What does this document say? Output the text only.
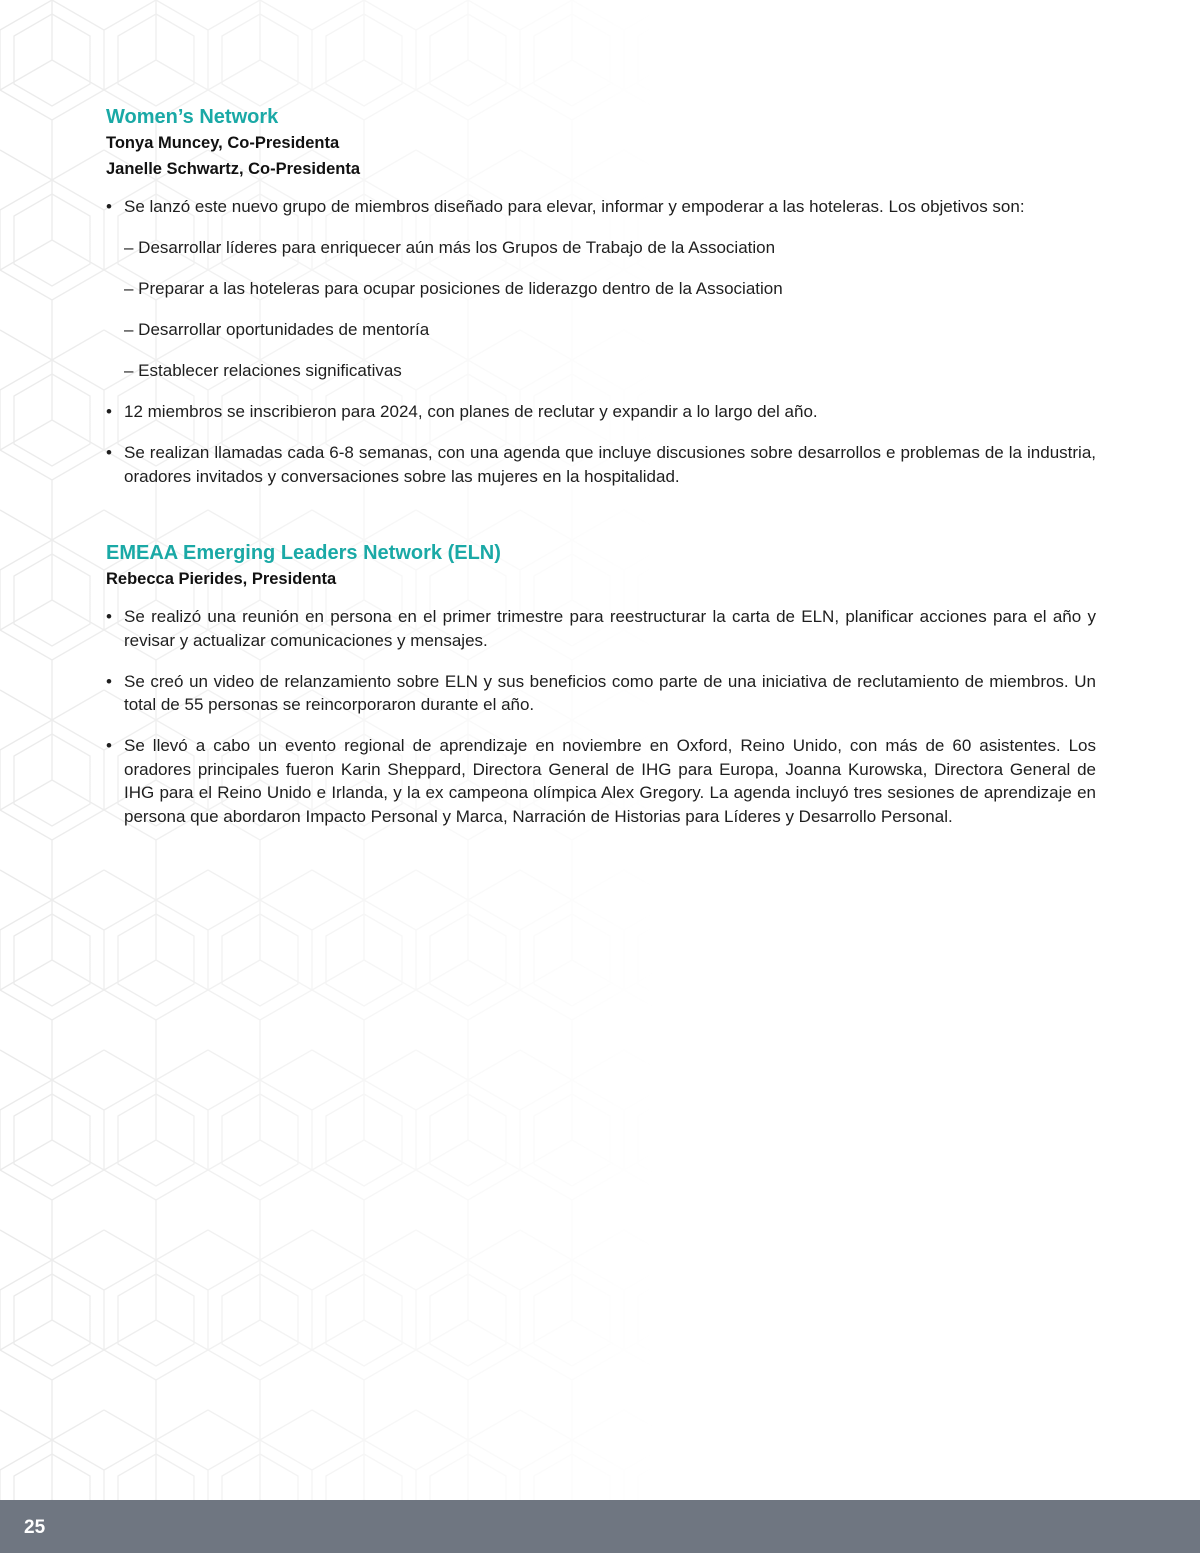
Women’s Network
Tonya Muncey, Co-Presidenta
Janelle Schwartz, Co-Presidenta
• Se lanzó este nuevo grupo de miembros diseñado para elevar, informar y empoderar a las hoteleras. Los objetivos son:
– Desarrollar líderes para enriquecer aún más los Grupos de Trabajo de la Association
– Preparar a las hoteleras para ocupar posiciones de liderazgo dentro de la Association
– Desarrollar oportunidades de mentoría
– Establecer relaciones significativas
• 12 miembros se inscribieron para 2024, con planes de reclutar y expandir a lo largo del año.
• Se realizan llamadas cada 6-8 semanas, con una agenda que incluye discusiones sobre desarrollos e problemas de la industria, oradores invitados y conversaciones sobre las mujeres en la hospitalidad.
EMEAA Emerging Leaders Network (ELN)
Rebecca Pierides, Presidenta
• Se realizó una reunión en persona en el primer trimestre para reestructurar la carta de ELN, planificar acciones para el año y revisar y actualizar comunicaciones y mensajes.
• Se creó un video de relanzamiento sobre ELN y sus beneficios como parte de una iniciativa de reclutamiento de miembros. Un total de 55 personas se reincorporaron durante el año.
• Se llevó a cabo un evento regional de aprendizaje en noviembre en Oxford, Reino Unido, con más de 60 asistentes. Los oradores principales fueron Karin Sheppard, Directora General de IHG para Europa, Joanna Kurowska, Directora General de IHG para el Reino Unido e Irlanda, y la ex campeona olímpica Alex Gregory. La agenda incluyó tres sesiones de aprendizaje en persona que abordaron Impacto Personal y Marca, Narración de Historias para Líderes y Desarrollo Personal.
25
